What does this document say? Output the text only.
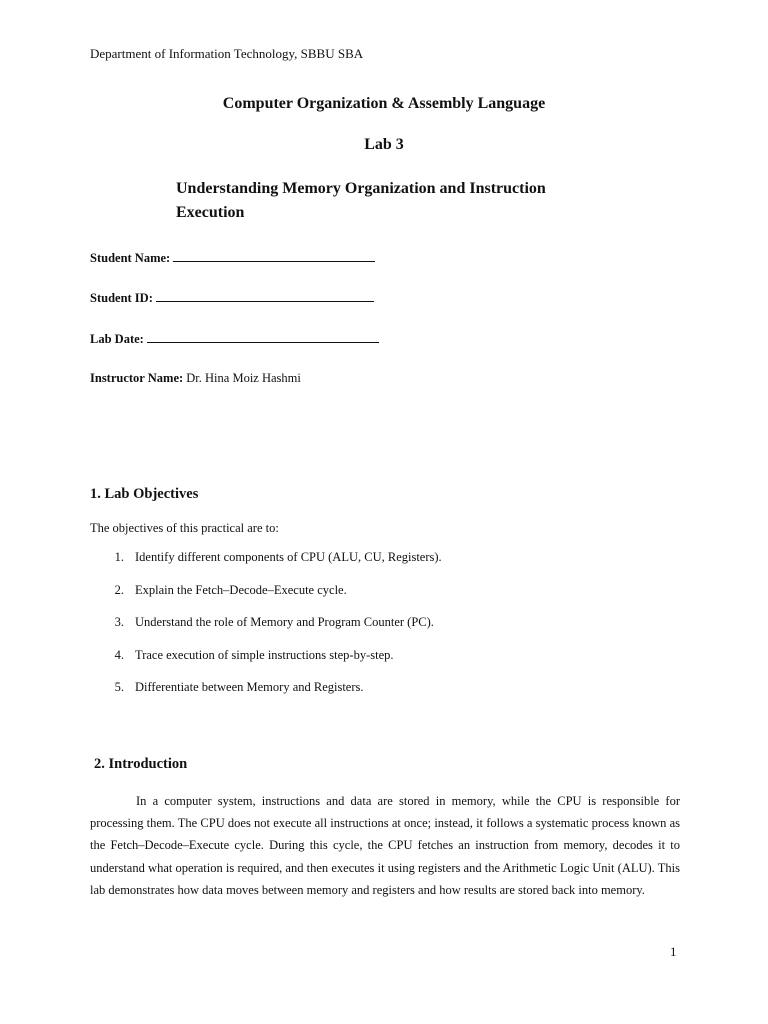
Department of Information Technology, SBBU SBA
Computer Organization & Assembly Language
Lab 3
Understanding Memory Organization and Instruction Execution
Student Name:
Student ID:
Lab Date:
Instructor Name: Dr. Hina Moiz Hashmi
1. Lab Objectives
The objectives of this practical are to:
1. Identify different components of CPU (ALU, CU, Registers).
2. Explain the Fetch–Decode–Execute cycle.
3. Understand the role of Memory and Program Counter (PC).
4. Trace execution of simple instructions step-by-step.
5. Differentiate between Memory and Registers.
2. Introduction
In a computer system, instructions and data are stored in memory, while the CPU is responsible for processing them. The CPU does not execute all instructions at once; instead, it follows a systematic process known as the Fetch–Decode–Execute cycle. During this cycle, the CPU fetches an instruction from memory, decodes it to understand what operation is required, and then executes it using registers and the Arithmetic Logic Unit (ALU). This lab demonstrates how data moves between memory and registers and how results are stored back into memory.
1
